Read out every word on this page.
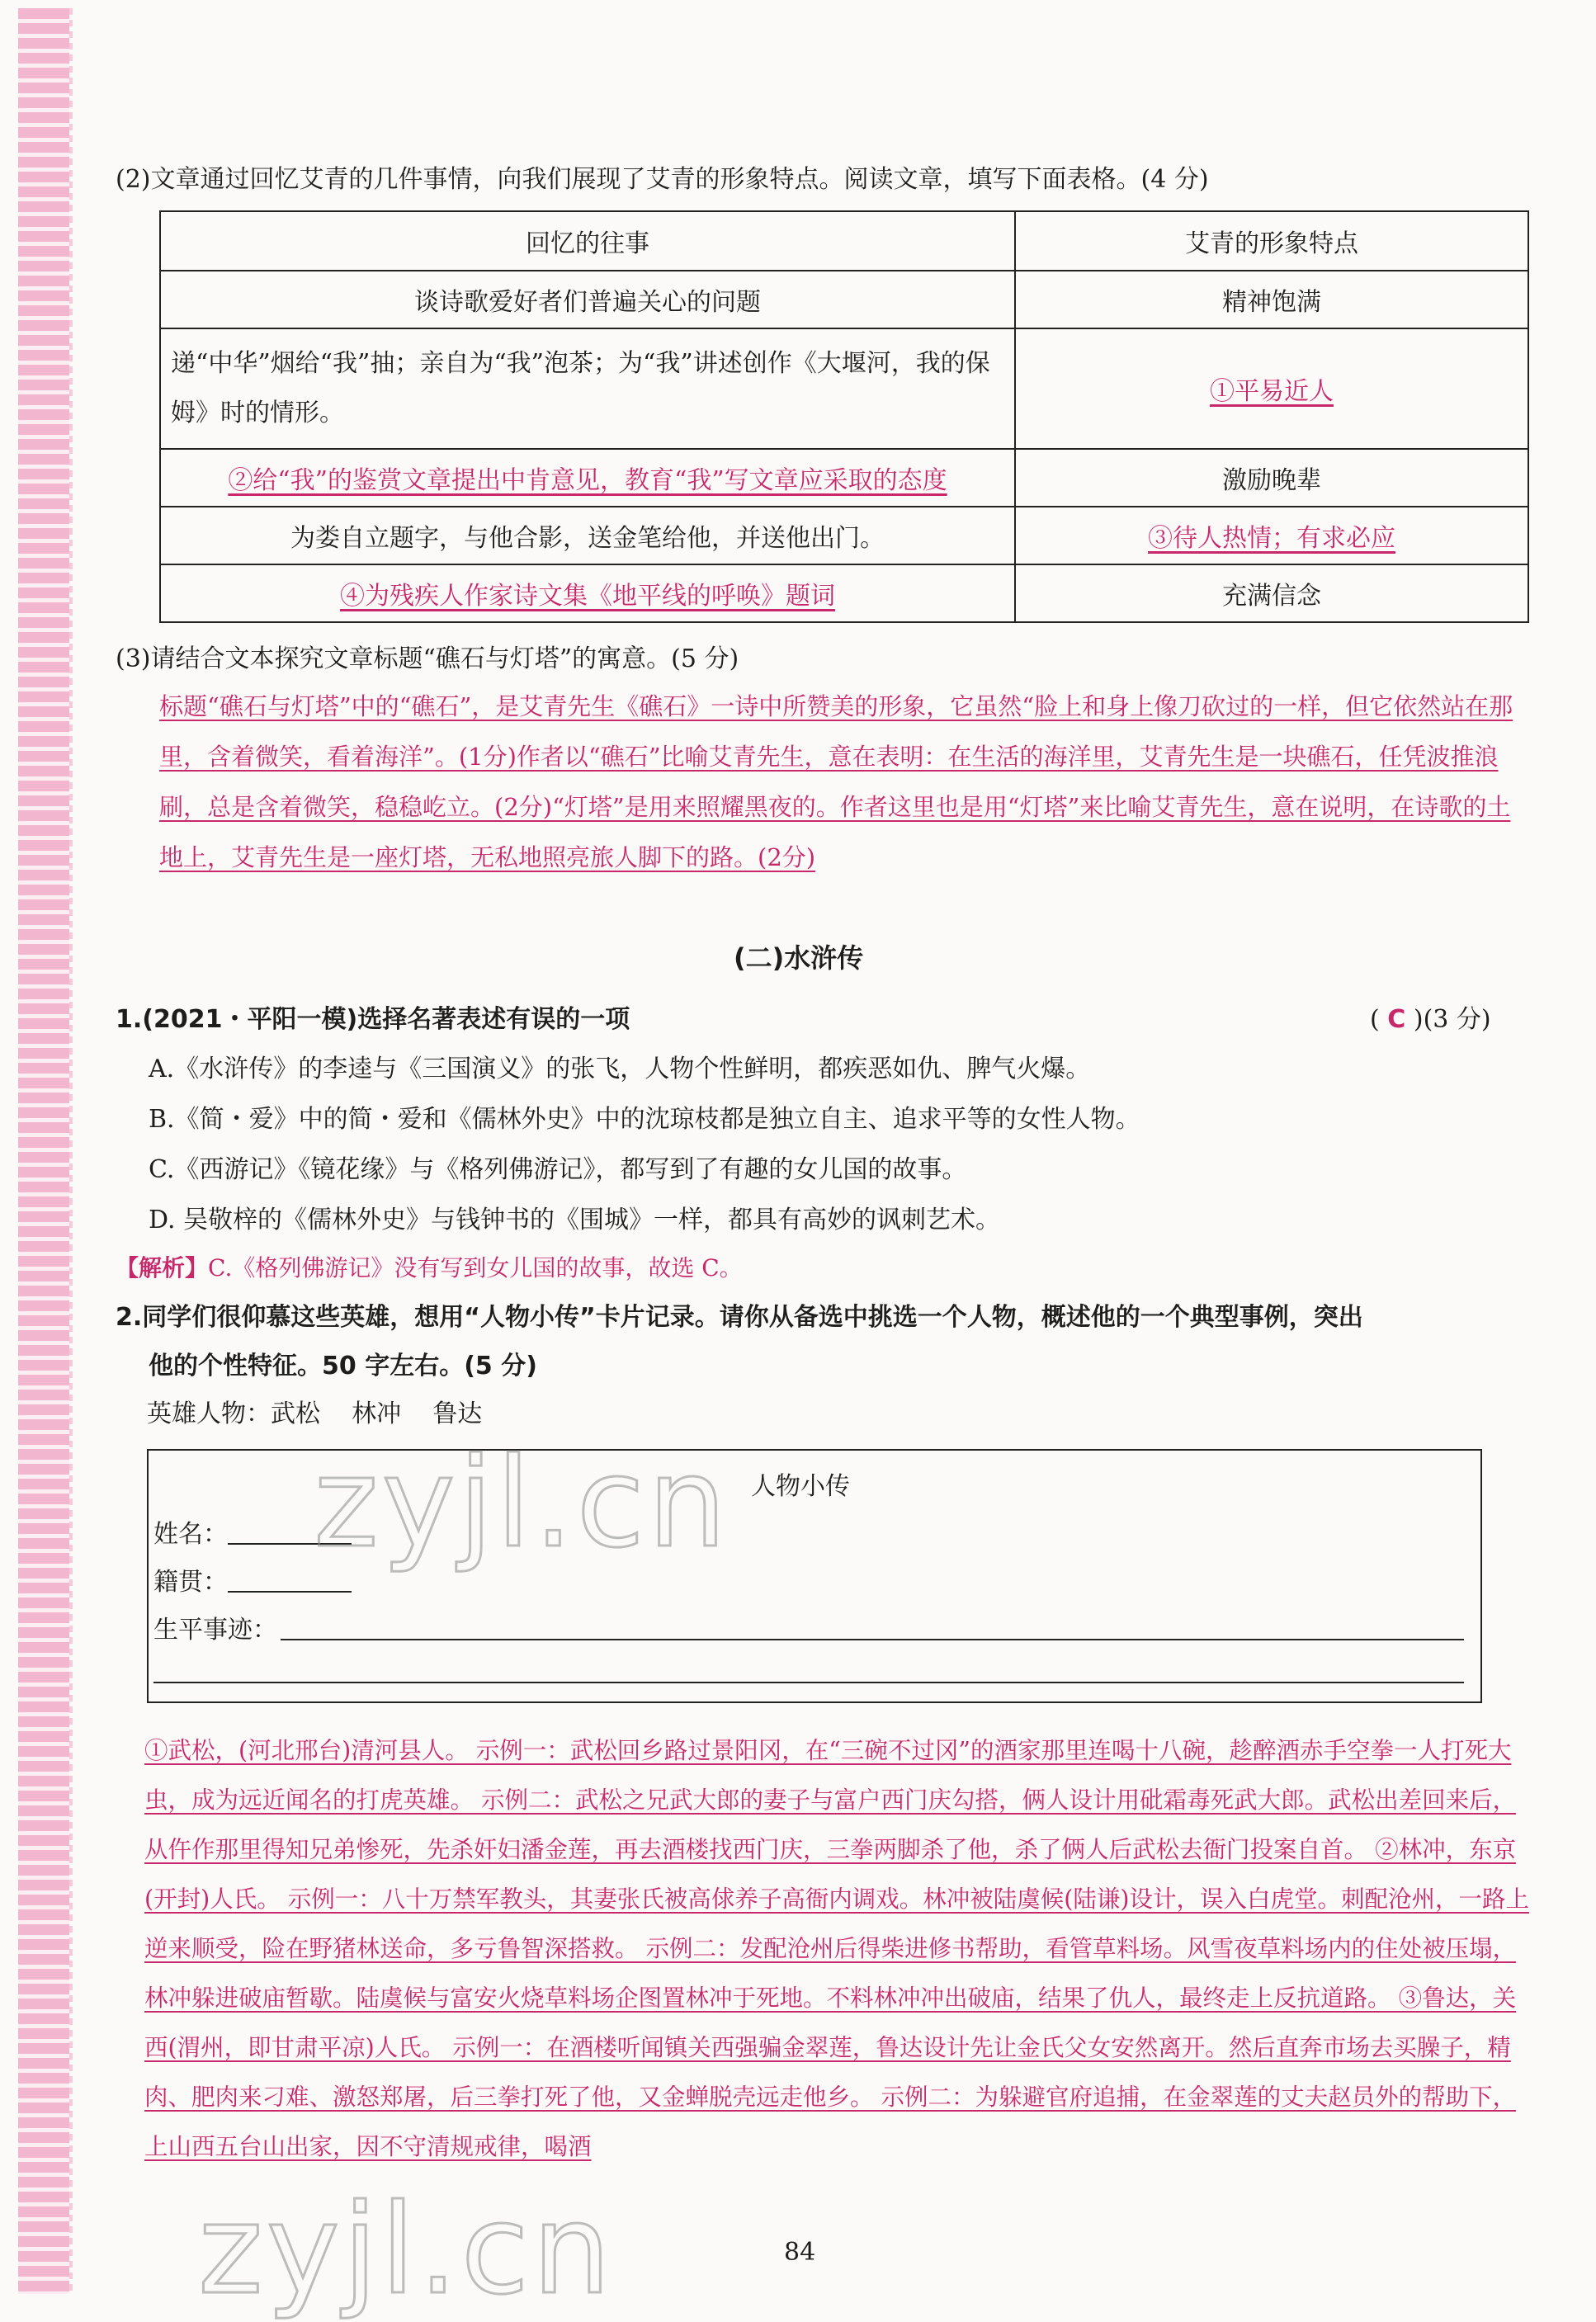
(2)文章通过回忆艾青的几件事情，向我们展现了艾青的形象特点。阅读文章，填写下面表格。(4 分)
回忆的往事	艾青的形象特点
谈诗歌爱好者们普遍关心的问题	精神饱满
递“中华”烟给“我”抽；亲自为“我”泡茶；为“我”讲述创作《大堰河，我的保姆》时的情形。	①平易近人
②给“我”的鉴赏文章提出中肯意见，教育“我”写文章应采取的态度	激励晚辈
为娄自立题字，与他合影，送金笔给他，并送他出门。	③待人热情；有求必应
④为残疾人作家诗文集《地平线的呼唤》题词	充满信念
(3)请结合文本探究文章标题“礁石与灯塔”的寓意。(5 分)
标题“礁石与灯塔”中的“礁石”，是艾青先生《礁石》一诗中所赞美的形象，它虽然“脸上和身上像刀砍过的一样，但它依然站在那里，含着微笑，看着海洋”。(1分)作者以“礁石”比喻艾青先生，意在表明：在生活的海洋里，艾青先生是一块礁石，任凭波推浪刷，总是含着微笑，稳稳屹立。(2分)“灯塔”是用来照耀黑夜的。作者这里也是用“灯塔”来比喻艾青先生，意在说明，在诗歌的土地上，艾青先生是一座灯塔，无私地照亮旅人脚下的路。(2分)
(二)水浒传
1.(2021・平阳一模)选择名著表述有误的一项	( C )(3 分)
A.《水浒传》的李逵与《三国演义》的张飞，人物个性鲜明，都疾恶如仇、脾气火爆。
B.《简・爱》中的简・爱和《儒林外史》中的沈琼枝都是独立自主、追求平等的女性人物。
C.《西游记》《镜花缘》与《格列佛游记》，都写到了有趣的女儿国的故事。
D. 吴敬梓的《儒林外史》与钱钟书的《围城》一样，都具有高妙的讽刺艺术。
【解析】C.《格列佛游记》没有写到女儿国的故事，故选 C。
2.同学们很仰慕这些英雄，想用“人物小传”卡片记录。请你从备选中挑选一个人物，概述他的一个典型事例，突出
他的个性特征。50 字左右。(5 分)
英雄人物：武松 林冲 鲁达
人物小传
姓名：
籍贯：
生平事迹：
①武松，(河北邢台)清河县人。 示例一：武松回乡路过景阳冈，在“三碗不过冈”的酒家那里连喝十八碗，趁醉酒赤手空拳一人打死大虫，成为远近闻名的打虎英雄。 示例二：武松之兄武大郎的妻子与富户西门庆勾搭，俩人设计用砒霜毒死武大郎。武松出差回来后，从仵作那里得知兄弟惨死，先杀奸妇潘金莲，再去酒楼找西门庆，三拳两脚杀了他，杀了俩人后武松去衙门投案自首。 ②林冲，东京(开封)人氏。 示例一：八十万禁军教头，其妻张氏被高俅养子高衙内调戏。林冲被陆虞候(陆谦)设计，误入白虎堂。刺配沧州，一路上逆来顺受，险在野猪林送命，多亏鲁智深搭救。 示例二：发配沧州后得柴进修书帮助，看管草料场。风雪夜草料场内的住处被压塌，林冲躲进破庙暂歇。陆虞候与富安火烧草料场企图置林冲于死地。不料林冲冲出破庙，结果了仇人，最终走上反抗道路。 ③鲁达，关西(渭州，即甘肃平凉)人氏。 示例一：在酒楼听闻镇关西强骗金翠莲，鲁达设计先让金氏父女安然离开。然后直奔市场去买臊子，精肉、肥肉来刁难、激怒郑屠，后三拳打死了他，又金蝉脱壳远走他乡。 示例二：为躲避官府追捕，在金翠莲的丈夫赵员外的帮助下，上山西五台山出家，因不守清规戒律，喝酒
84
zyjl.cn
zyjl.cn
